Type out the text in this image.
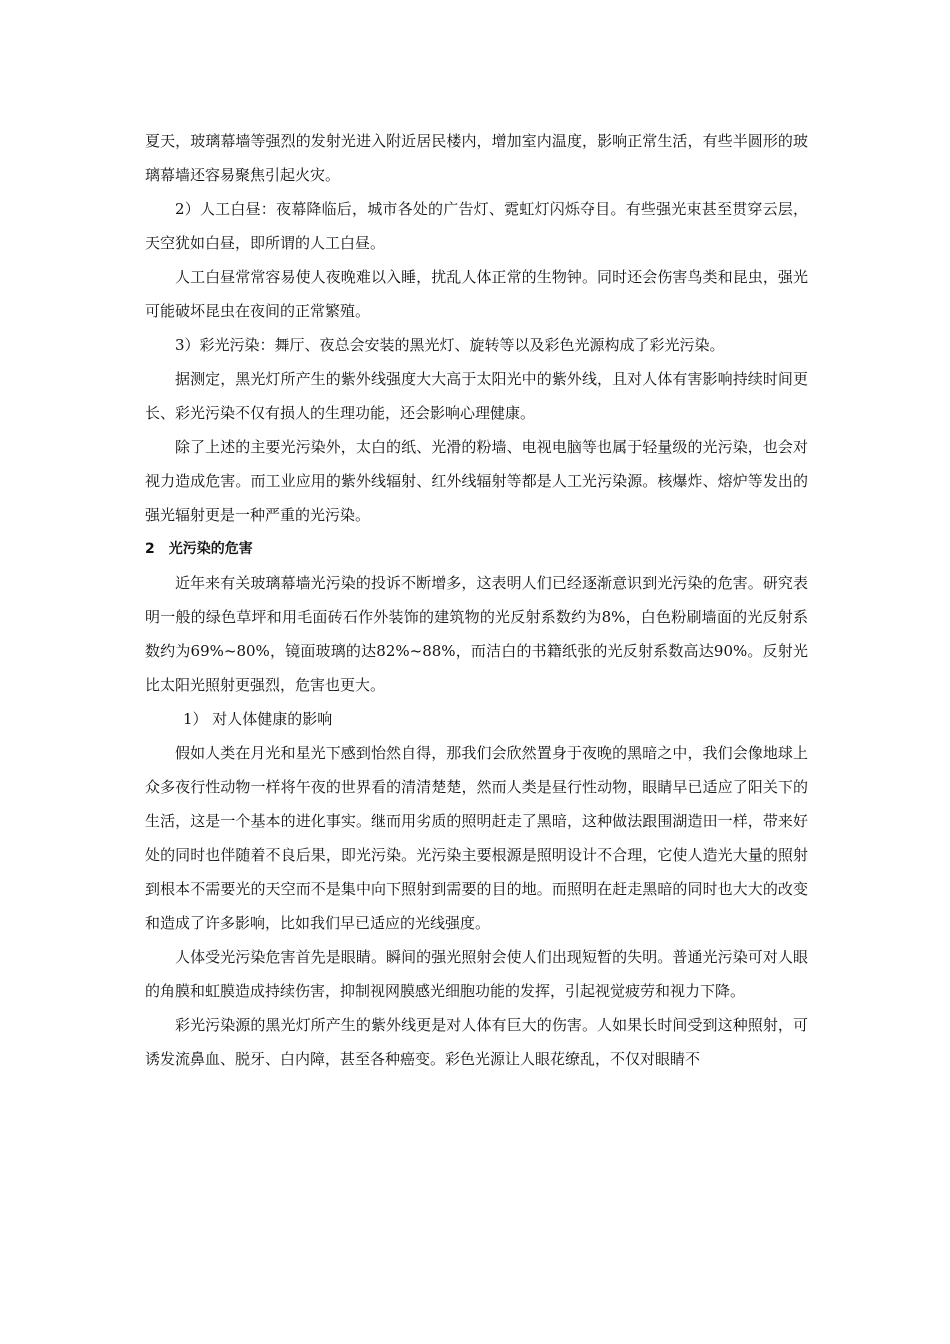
夏天，玻璃幕墙等强烈的发射光进入附近居民楼内，增加室内温度，影响正常生活，有些半圆形的玻璃幕墙还容易聚焦引起火灾。

2）人工白昼：夜幕降临后，城市各处的广告灯、霓虹灯闪烁夺目。有些强光束甚至贯穿云层，天空犹如白昼，即所谓的人工白昼。

人工白昼常常容易使人夜晚难以入睡，扰乱人体正常的生物钟。同时还会伤害鸟类和昆虫，强光可能破坏昆虫在夜间的正常繁殖。

3）彩光污染：舞厅、夜总会安装的黑光灯、旋转等以及彩色光源构成了彩光污染。

据测定，黑光灯所产生的紫外线强度大大高于太阳光中的紫外线，且对人体有害影响持续时间更长、彩光污染不仅有损人的生理功能，还会影响心理健康。

除了上述的主要光污染外，太白的纸、光滑的粉墙、电视电脑等也属于轻量级的光污染，也会对视力造成危害。而工业应用的紫外线辐射、红外线辐射等都是人工光污染源。核爆炸、熔炉等发出的强光辐射更是一种严重的光污染。

2　光污染的危害

近年来有关玻璃幕墙光污染的投诉不断增多，这表明人们已经逐渐意识到光污染的危害。研究表明一般的绿色草坪和用毛面砖石作外装饰的建筑物的光反射系数约为8%，白色粉刷墙面的光反射系数约为69%~80%，镜面玻璃的达82%~88%，而洁白的书籍纸张的光反射系数高达90%。反射光比太阳光照射更强烈，危害也更大。

1） 对人体健康的影响

假如人类在月光和星光下感到怡然自得，那我们会欣然置身于夜晚的黑暗之中，我们会像地球上众多夜行性动物一样将午夜的世界看的清清楚楚，然而人类是昼行性动物，眼睛早已适应了阳关下的生活，这是一个基本的进化事实。继而用劣质的照明赶走了黑暗，这种做法跟围湖造田一样，带来好处的同时也伴随着不良后果，即光污染。光污染主要根源是照明设计不合理，它使人造光大量的照射到根本不需要光的天空而不是集中向下照射到需要的目的地。而照明在赶走黑暗的同时也大大的改变和造成了许多影响，比如我们早已适应的光线强度。

人体受光污染危害首先是眼睛。瞬间的强光照射会使人们出现短暂的失明。普通光污染可对人眼的角膜和虹膜造成持续伤害，抑制视网膜感光细胞功能的发挥，引起视觉疲劳和视力下降。

彩光污染源的黑光灯所产生的紫外线更是对人体有巨大的伤害。人如果长时间受到这种照射，可诱发流鼻血、脱牙、白内障，甚至各种癌变。彩色光源让人眼花缭乱，不仅对眼睛不
